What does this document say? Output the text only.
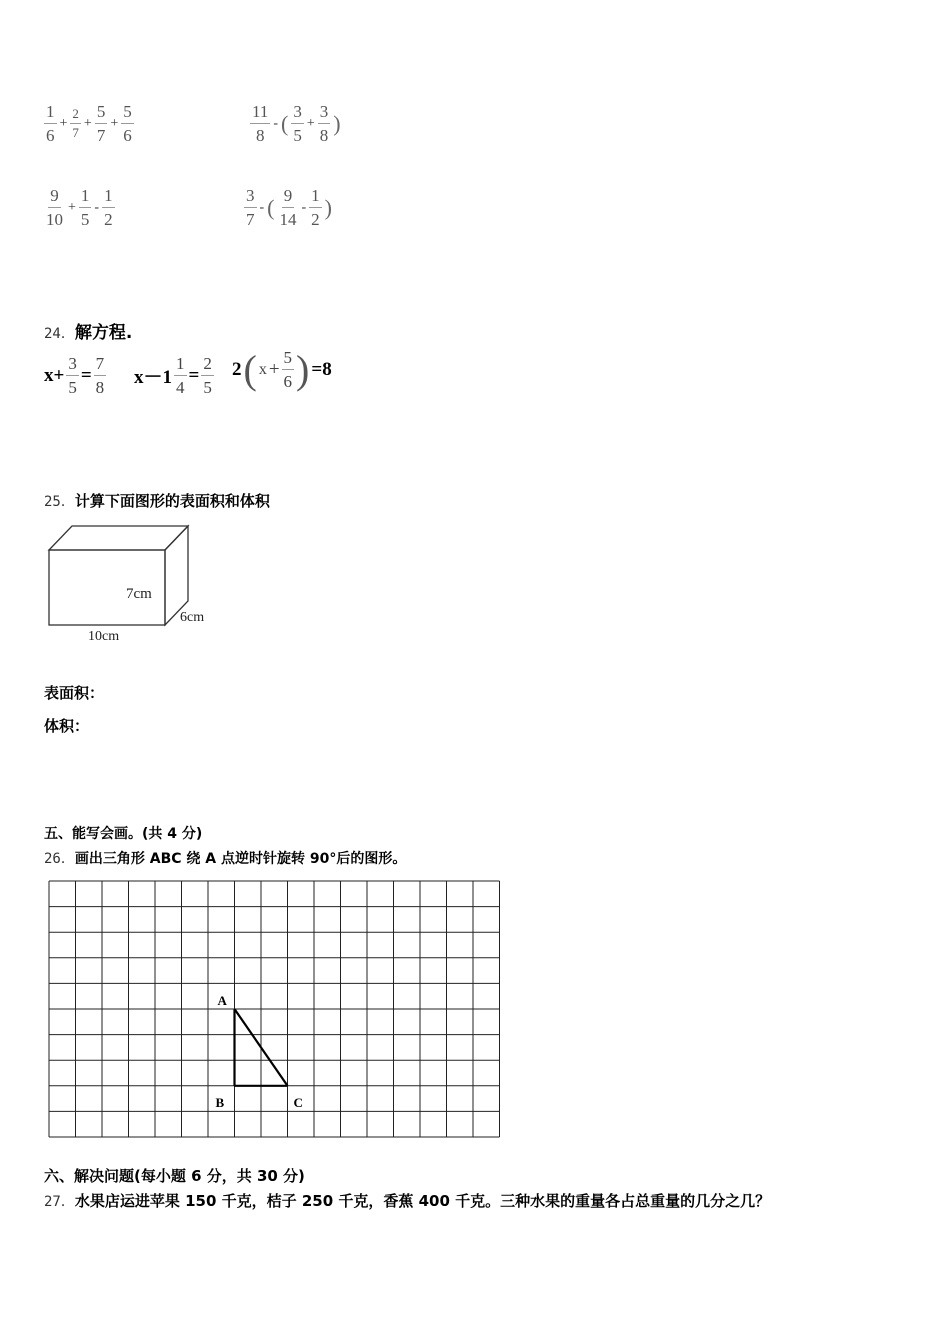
$\frac{1}{6} + \frac{2}{7} + \frac{5}{7} + \frac{5}{6}$	$\frac{11}{8}$ - ( $\frac{3}{5} + \frac{3}{8}$ )
$\frac{9}{10} + \frac{1}{5} - \frac{1}{2}$	$\frac{3}{7}$ - ( $\frac{9}{14} - \frac{1}{2}$ )
24．解方程.
$x+ \frac{3}{5} = \frac{7}{8} x-1 \frac{1}{4} = \frac{2}{5} 2$ ( $x + \frac{5}{6}$ ) =8
25．计算下面图形的表面积和体积
7cm
6cm
10cm
表面积：
体积：
五、能写会画。(共 4 分)
26．画出三角形 ABC 绕 A 点逆时针旋转 90°后的图形。
A
B	C
六、解决问题(每小题 6 分，共 30 分)
27．水果店运进苹果 150 千克，桔子 250 千克，香蕉 400 千克。三种水果的重量各占总重量的几分之几？
